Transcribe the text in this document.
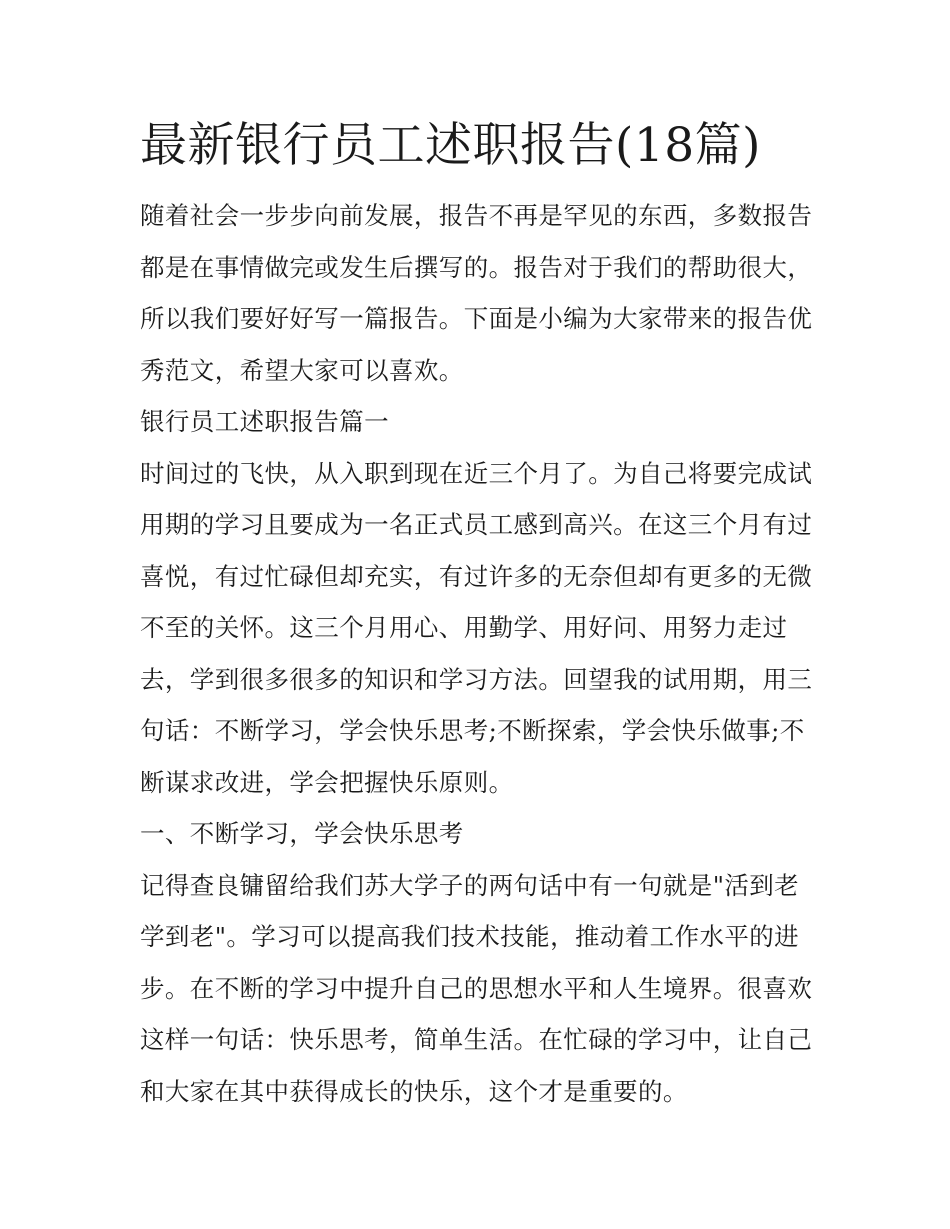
最新银行员工述职报告(18篇)

随着社会一步步向前发展，报告不再是罕见的东西，多数报告
都是在事情做完或发生后撰写的。报告对于我们的帮助很大，
所以我们要好好写一篇报告。下面是小编为大家带来的报告优
秀范文，希望大家可以喜欢。

银行员工述职报告篇一

时间过的飞快，从入职到现在近三个月了。为自己将要完成试
用期的学习且要成为一名正式员工感到高兴。在这三个月有过
喜悦，有过忙碌但却充实，有过许多的无奈但却有更多的无微
不至的关怀。这三个月用心、用勤学、用好问、用努力走过
去，学到很多很多的知识和学习方法。回望我的试用期，用三
句话：不断学习，学会快乐思考;不断探索，学会快乐做事;不
断谋求改进，学会把握快乐原则。

一、不断学习，学会快乐思考

记得查良镛留给我们苏大学子的两句话中有一句就是"活到老
学到老"。学习可以提高我们技术技能，推动着工作水平的进
步。在不断的学习中提升自己的思想水平和人生境界。很喜欢
这样一句话：快乐思考，简单生活。在忙碌的学习中，让自己
和大家在其中获得成长的快乐，这个才是重要的。
